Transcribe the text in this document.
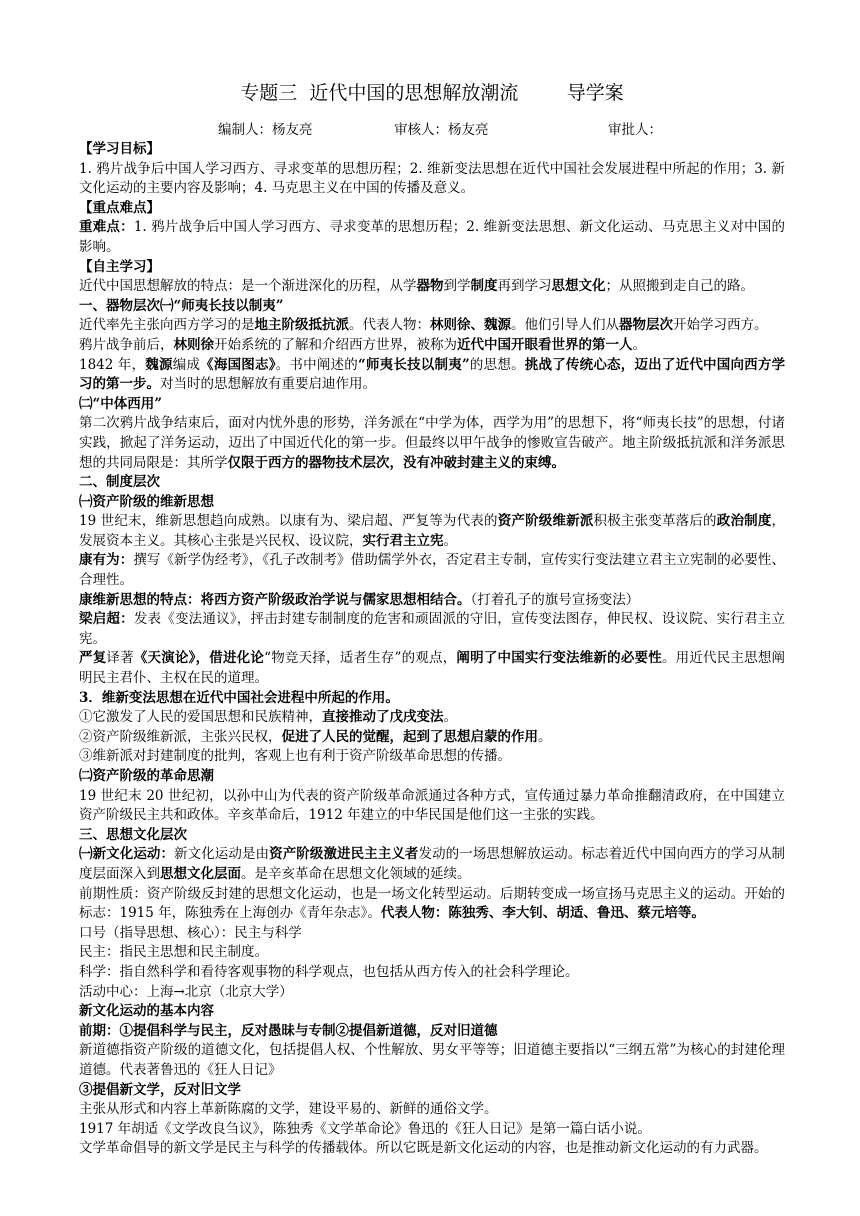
专题三  近代中国的思想解放潮流        导学案
编制人：杨友亮	审核人：杨友亮	审批人：

【学习目标】

1. 鸦片战争后中国人学习西方、寻求变革的思想历程；2. 维新变法思想在近代中国社会发展进程中所起的作用；3. 新文化运动的主要内容及影响；4. 马克思主义在中国的传播及意义。

【重点难点】

重难点：1. 鸦片战争后中国人学习西方、寻求变革的思想历程；2. 维新变法思想、新文化运动、马克思主义对中国的影响。

【自主学习】

近代中国思想解放的特点：是一个渐进深化的历程，从学器物到学制度再到学习思想文化；从照搬到走自己的路。

一、器物层次㈠“师夷长技以制夷”

近代率先主张向西方学习的是地主阶级抵抗派。代表人物：林则徐、魏源。他们引导人们从器物层次开始学习西方。

鸦片战争前后，林则徐开始系统的了解和介绍西方世界，被称为近代中国开眼看世界的第一人。

1842 年，魏源编成《海国图志》。书中阐述的“师夷长技以制夷”的思想。挑战了传统心态，迈出了近代中国向西方学习的第一步。对当时的思想解放有重要启迪作用。

㈡“中体西用”

第二次鸦片战争结束后，面对内忧外患的形势，洋务派在“中学为体，西学为用”的思想下，将“师夷长技”的思想，付诸实践，掀起了洋务运动，迈出了中国近代化的第一步。但最终以甲午战争的惨败宣告破产。地主阶级抵抗派和洋务派思想的共同局限是：其所学仅限于西方的器物技术层次，没有冲破封建主义的束缚。

二、制度层次

㈠资产阶级的维新思想

19 世纪末，维新思想趋向成熟。以康有为、梁启超、严复等为代表的资产阶级维新派积极主张变革落后的政治制度，发展资本主义。其核心主张是兴民权、设议院，实行君主立宪。

康有为：撰写《新学伪经考》，《孔子改制考》借助儒学外衣，否定君主专制，宣传实行变法建立君主立宪制的必要性、合理性。

康维新思想的特点：将西方资产阶级政治学说与儒家思想相结合。（打着孔子的旗号宣扬变法）

梁启超：发表《变法通议》，抨击封建专制制度的危害和顽固派的守旧，宣传变法图存，伸民权、设议院、实行君主立宪。

严复译著《天演论》，借进化论“物竞天择，适者生存”的观点，阐明了中国实行变法维新的必要性。用近代民主思想阐明民主君仆、主权在民的道理。

3．维新变法思想在近代中国社会进程中所起的作用。

①它激发了人民的爱国思想和民族精神，直接推动了戊戌变法。

②资产阶级维新派，主张兴民权，促进了人民的觉醒，起到了思想启蒙的作用。

③维新派对封建制度的批判，客观上也有利于资产阶级革命思想的传播。

㈡资产阶级的革命思潮

19 世纪末 20 世纪初，以孙中山为代表的资产阶级革命派通过各种方式，宣传通过暴力革命推翻清政府，在中国建立资产阶级民主共和政体。辛亥革命后，1912 年建立的中华民国是他们这一主张的实践。

三、思想文化层次

㈠新文化运动：新文化运动是由资产阶级激进民主主义者发动的一场思想解放运动。标志着近代中国向西方的学习从制度层面深入到思想文化层面。是辛亥革命在思想文化领域的延续。

前期性质：资产阶级反封建的思想文化运动，也是一场文化转型运动。后期转变成一场宣扬马克思主义的运动。开始的标志：1915 年，陈独秀在上海创办《青年杂志》。代表人物：陈独秀、李大钊、胡适、鲁迅、蔡元培等。

口号（指导思想、核心）：民主与科学

民主：指民主思想和民主制度。

科学：指自然科学和看待客观事物的科学观点，也包括从西方传入的社会科学理论。

活动中心：上海→北京（北京大学）

新文化运动的基本内容

前期：①提倡科学与民主，反对愚昧与专制②提倡新道德，反对旧道德

新道德指资产阶级的道德文化，包括提倡人权、个性解放、男女平等等；旧道德主要指以“三纲五常”为核心的封建伦理道德。代表著鲁迅的《狂人日记》

③提倡新文学，反对旧文学

主张从形式和内容上革新陈腐的文学，建设平易的、新鲜的通俗文学。

1917 年胡适《文学改良刍议》，陈独秀《文学革命论》鲁迅的《狂人日记》是第一篇白话小说。

文学革命倡导的新文学是民主与科学的传播载体。所以它既是新文化运动的内容，也是推动新文化运动的有力武器。
